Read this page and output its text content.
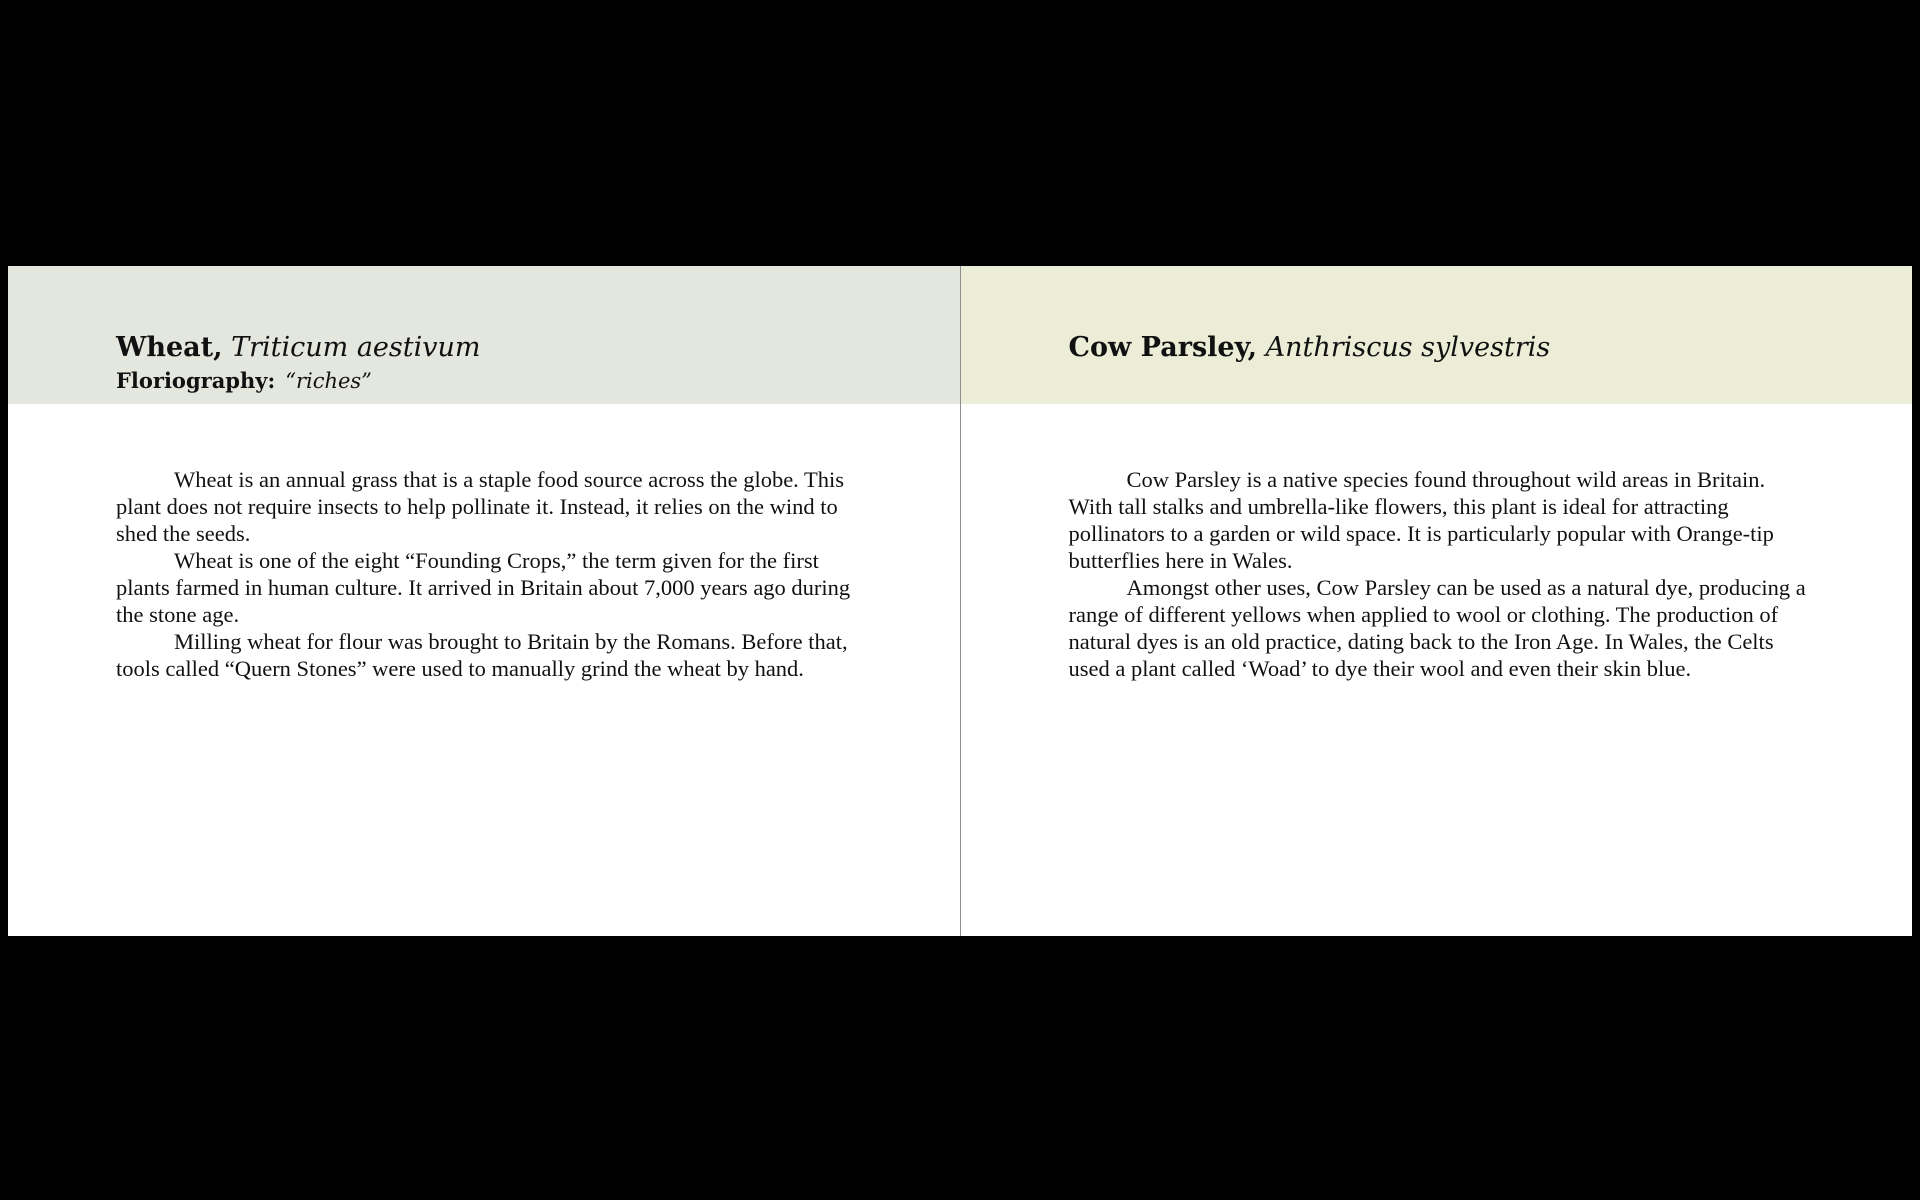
Wheat, Triticum aestivum
Floriography: “riches”

Wheat is an annual grass that is a staple food source across the globe. This plant does not require insects to help pollinate it. Instead, it relies on the wind to shed the seeds.

Wheat is one of the eight “Founding Crops,” the term given for the first plants farmed in human culture. It arrived in Britain about 7,000 years ago during the stone age.

Milling wheat for flour was brought to Britain by the Romans. Before that, tools called “Quern Stones” were used to manually grind the wheat by hand.

Cow Parsley, Anthriscus sylvestris

Cow Parsley is a native species found throughout wild areas in Britain. With tall stalks and umbrella-like flowers, this plant is ideal for attracting pollinators to a garden or wild space. It is particularly popular with Orange-tip butterflies here in Wales.

Amongst other uses, Cow Parsley can be used as a natural dye, producing a range of different yellows when applied to wool or clothing. The production of natural dyes is an old practice, dating back to the Iron Age. In Wales, the Celts used a plant called ‘Woad’ to dye their wool and even their skin blue.
